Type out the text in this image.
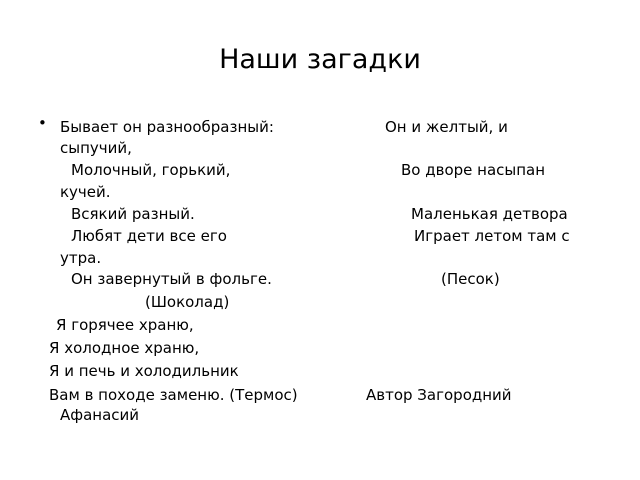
Наши загадки
• Бывает он разнообразный:
Молочный, горький,
Всякий разный.
Любят дети все его
Он завернутый в фольге.
(Шоколад)
Он и желтый, и
сыпучий,
Во дворе насыпан
кучей.
Маленькая детвора
Играет летом там с
утра.
(Песок)
Я горячее храню,
Я холодное храню,
Я и печь и холодильник
Вам в походе заменю. (Термос)	Автор Загородний
Афанасий
